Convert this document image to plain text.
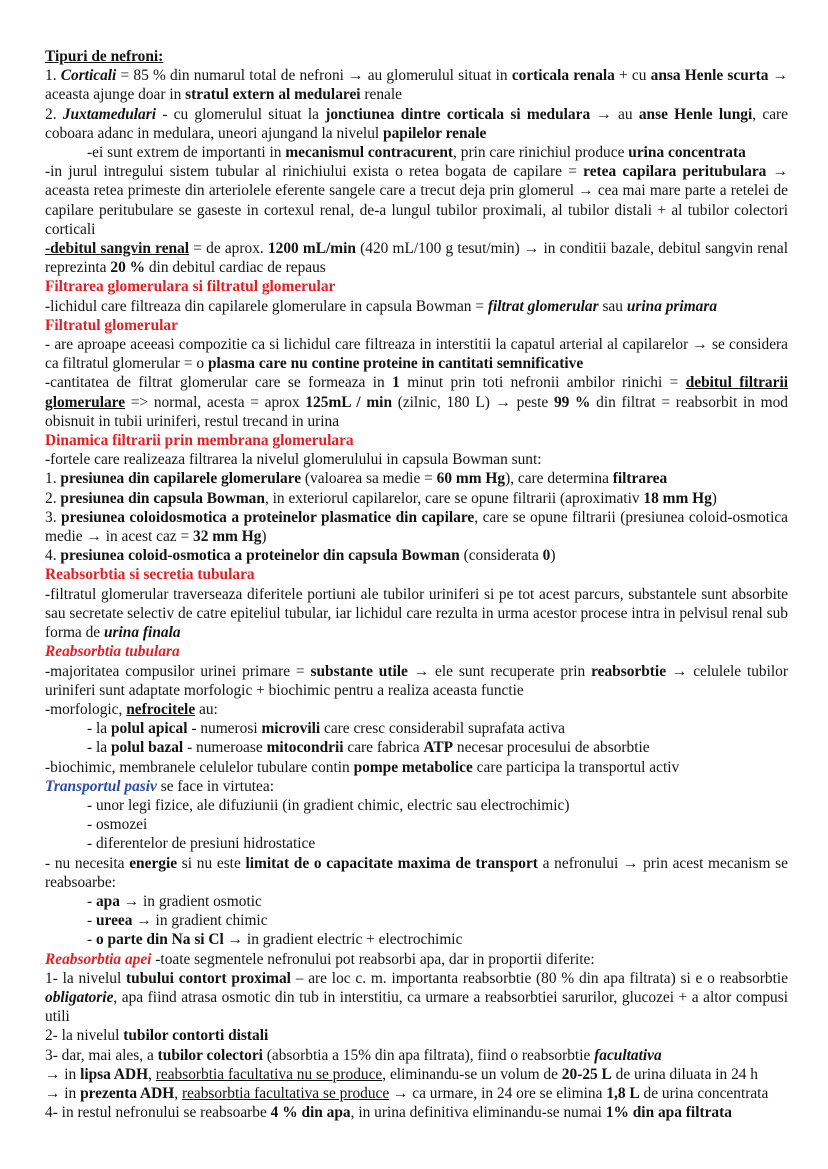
Tipuri de nefroni:

1. Corticali = 85 % din numarul total de nefroni → au glomerulul situat in corticala renala + cu ansa Henle scurta → aceasta ajunge doar in stratul extern al medularei renale

2. Juxtamedulari - cu glomerulul situat la jonctiunea dintre corticala si medulara → au anse Henle lungi, care coboara adanc in medulara, uneori ajungand la nivelul papilelor renale

-ei sunt extrem de importanti in mecanismul contracurent, prin care rinichiul produce urina concentrata

-in jurul intregului sistem tubular al rinichiului exista o retea bogata de capilare = retea capilara peritubulara → aceasta retea primeste din arteriolele eferente sangele care a trecut deja prin glomerul → cea mai mare parte a retelei de capilare peritubulare se gaseste in cortexul renal, de-a lungul tubilor proximali, al tubilor distali + al tubilor colectori corticali

-debitul sangvin renal = de aprox. 1200 mL/min (420 mL/100 g tesut/min) → in conditii bazale, debitul sangvin renal reprezinta 20 % din debitul cardiac de repaus

Filtrarea glomerulara si filtratul glomerular

-lichidul care filtreaza din capilarele glomerulare in capsula Bowman = filtrat glomerular sau urina primara

Filtratul glomerular

- are aproape aceeasi compozitie ca si lichidul care filtreaza in interstitii la capatul arterial al capilarelor → se considera ca filtratul glomerular = o plasma care nu contine proteine in cantitati semnificative

-cantitatea de filtrat glomerular care se formeaza in 1 minut prin toti nefronii ambilor rinichi = debitul filtrarii glomerulare => normal, acesta = aprox 125mL / min (zilnic, 180 L) → peste 99 % din filtrat = reabsorbit in mod obisnuit in tubii uriniferi, restul trecand in urina

Dinamica filtrarii prin membrana glomerulara

-fortele care realizeaza filtrarea la nivelul glomerulului in capsula Bowman sunt:

1. presiunea din capilarele glomerulare (valoarea sa medie = 60 mm Hg), care determina filtrarea

2. presiunea din capsula Bowman, in exteriorul capilarelor, care se opune filtrarii (aproximativ 18 mm Hg)

3. presiunea coloidosmotica a proteinelor plasmatice din capilare, care se opune filtrarii (presiunea coloid-osmotica medie → in acest caz = 32 mm Hg)

4. presiunea coloid-osmotica a proteinelor din capsula Bowman (considerata 0)

Reabsorbtia si secretia tubulara

-filtratul glomerular traverseaza diferitele portiuni ale tubilor uriniferi si pe tot acest parcurs, substantele sunt absorbite sau secretate selectiv de catre epiteliul tubular, iar lichidul care rezulta in urma acestor procese intra in pelvisul renal sub forma de urina finala

Reabsorbtia tubulara

-majoritatea compusilor urinei primare = substante utile → ele sunt recuperate prin reabsorbtie → celulele tubilor uriniferi sunt adaptate morfologic + biochimic pentru a realiza aceasta functie

-morfologic, nefrocitele au:

- la polul apical - numerosi microvili care cresc considerabil suprafata activa

- la polul bazal - numeroase mitocondrii care fabrica ATP necesar procesului de absorbtie

-biochimic, membranele celulelor tubulare contin pompe metabolice care participa la transportul activ

Transportul pasiv se face in virtutea:

- unor legi fizice, ale difuziunii (in gradient chimic, electric sau electrochimic)

- osmozei

- diferentelor de presiuni hidrostatice

- nu necesita energie si nu este limitat de o capacitate maxima de transport a nefronului → prin acest mecanism se reabsoarbe:

- apa → in gradient osmotic

- ureea → in gradient chimic

- o parte din Na si Cl → in gradient electric + electrochimic

Reabsorbtia apei -toate segmentele nefronului pot reabsorbi apa, dar in proportii diferite:

1- la nivelul tubului contort proximal – are loc c. m. importanta reabsorbtie (80 % din apa filtrata) si e o reabsorbtie obligatorie, apa fiind atrasa osmotic din tub in interstitiu, ca urmare a reabsorbtiei sarurilor, glucozei + a altor compusi utili

2- la nivelul tubilor contorti distali

3- dar, mai ales, a tubilor colectori (absorbtia a 15% din apa filtrata), fiind o reabsorbtie facultativa

→ in lipsa ADH, reabsorbtia facultativa nu se produce, eliminandu-se un volum de 20-25 L de urina diluata in 24 h

→ in prezenta ADH, reabsorbtia facultativa se produce → ca urmare, in 24 ore se elimina 1,8 L de urina concentrata

4- in restul nefronului se reabsoarbe 4 % din apa, in urina definitiva eliminandu-se numai 1% din apa filtrata
